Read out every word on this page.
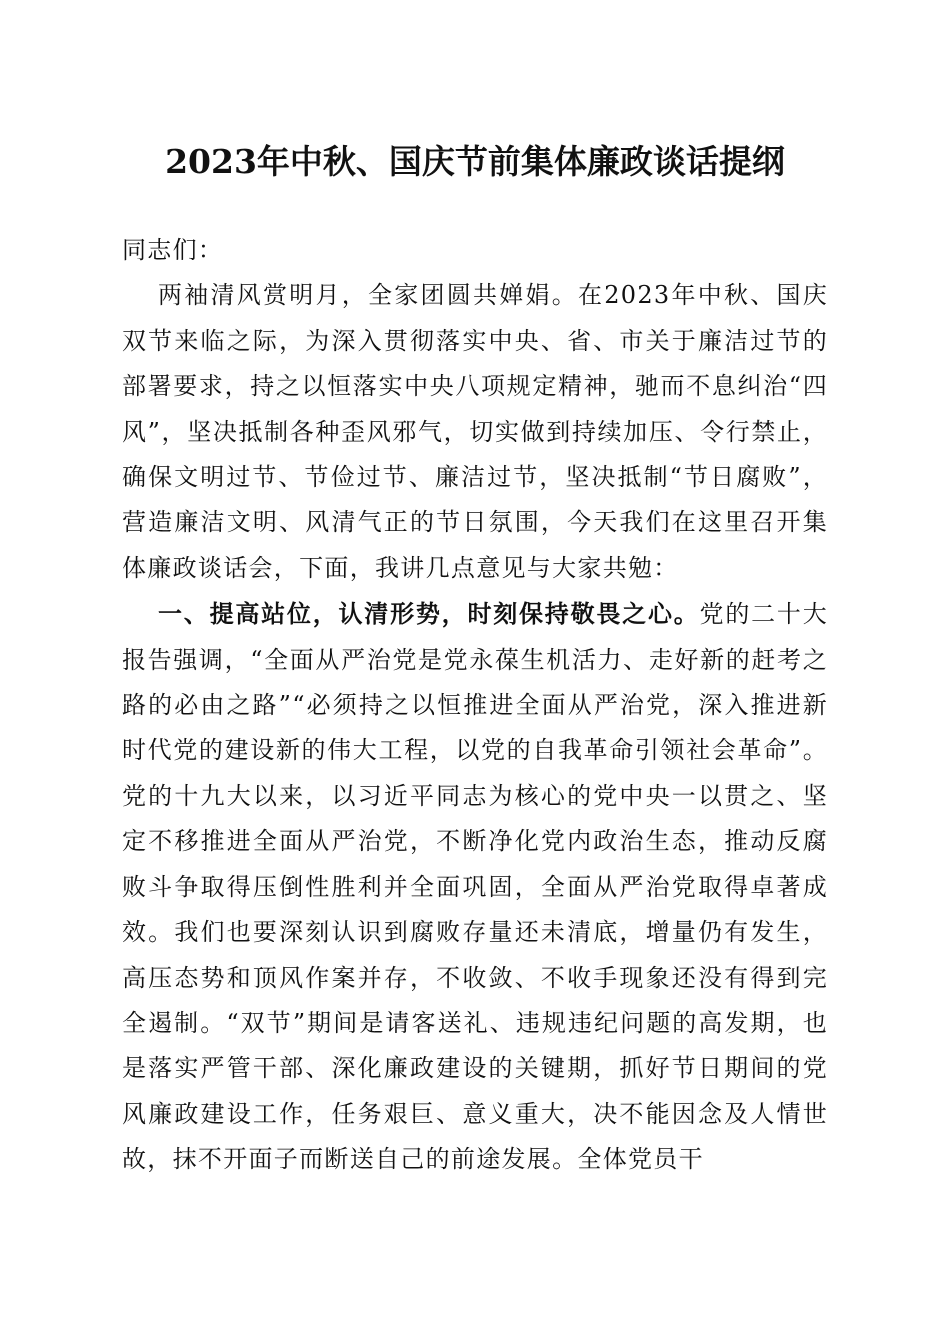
2023年中秋、国庆节前集体廉政谈话提纲

同志们：

两袖清风赏明月，全家团圆共婵娟。在2023年中秋、国庆双节来临之际，为深入贯彻落实中央、省、市关于廉洁过节的部署要求，持之以恒落实中央八项规定精神，驰而不息纠治“四风”，坚决抵制各种歪风邪气，切实做到持续加压、令行禁止，确保文明过节、节俭过节、廉洁过节，坚决抵制“节日腐败”，营造廉洁文明、风清气正的节日氛围，今天我们在这里召开集体廉政谈话会，下面，我讲几点意见与大家共勉：

一、提高站位，认清形势，时刻保持敬畏之心。党的二十大报告强调，“全面从严治党是党永葆生机活力、走好新的赶考之路的必由之路”“必须持之以恒推进全面从严治党，深入推进新时代党的建设新的伟大工程，以党的自我革命引领社会革命”。党的十九大以来，以习近平同志为核心的党中央一以贯之、坚定不移推进全面从严治党，不断净化党内政治生态，推动反腐败斗争取得压倒性胜利并全面巩固，全面从严治党取得卓著成效。我们也要深刻认识到腐败存量还未清底，增量仍有发生，高压态势和顶风作案并存，不收敛、不收手现象还没有得到完全遏制。“双节”期间是请客送礼、违规违纪问题的高发期，也是落实严管干部、深化廉政建设的关键期，抓好节日期间的党风廉政建设工作，任务艰巨、意义重大，决不能因念及人情世故，抹不开面子而断送自己的前途发展。全体党员干
